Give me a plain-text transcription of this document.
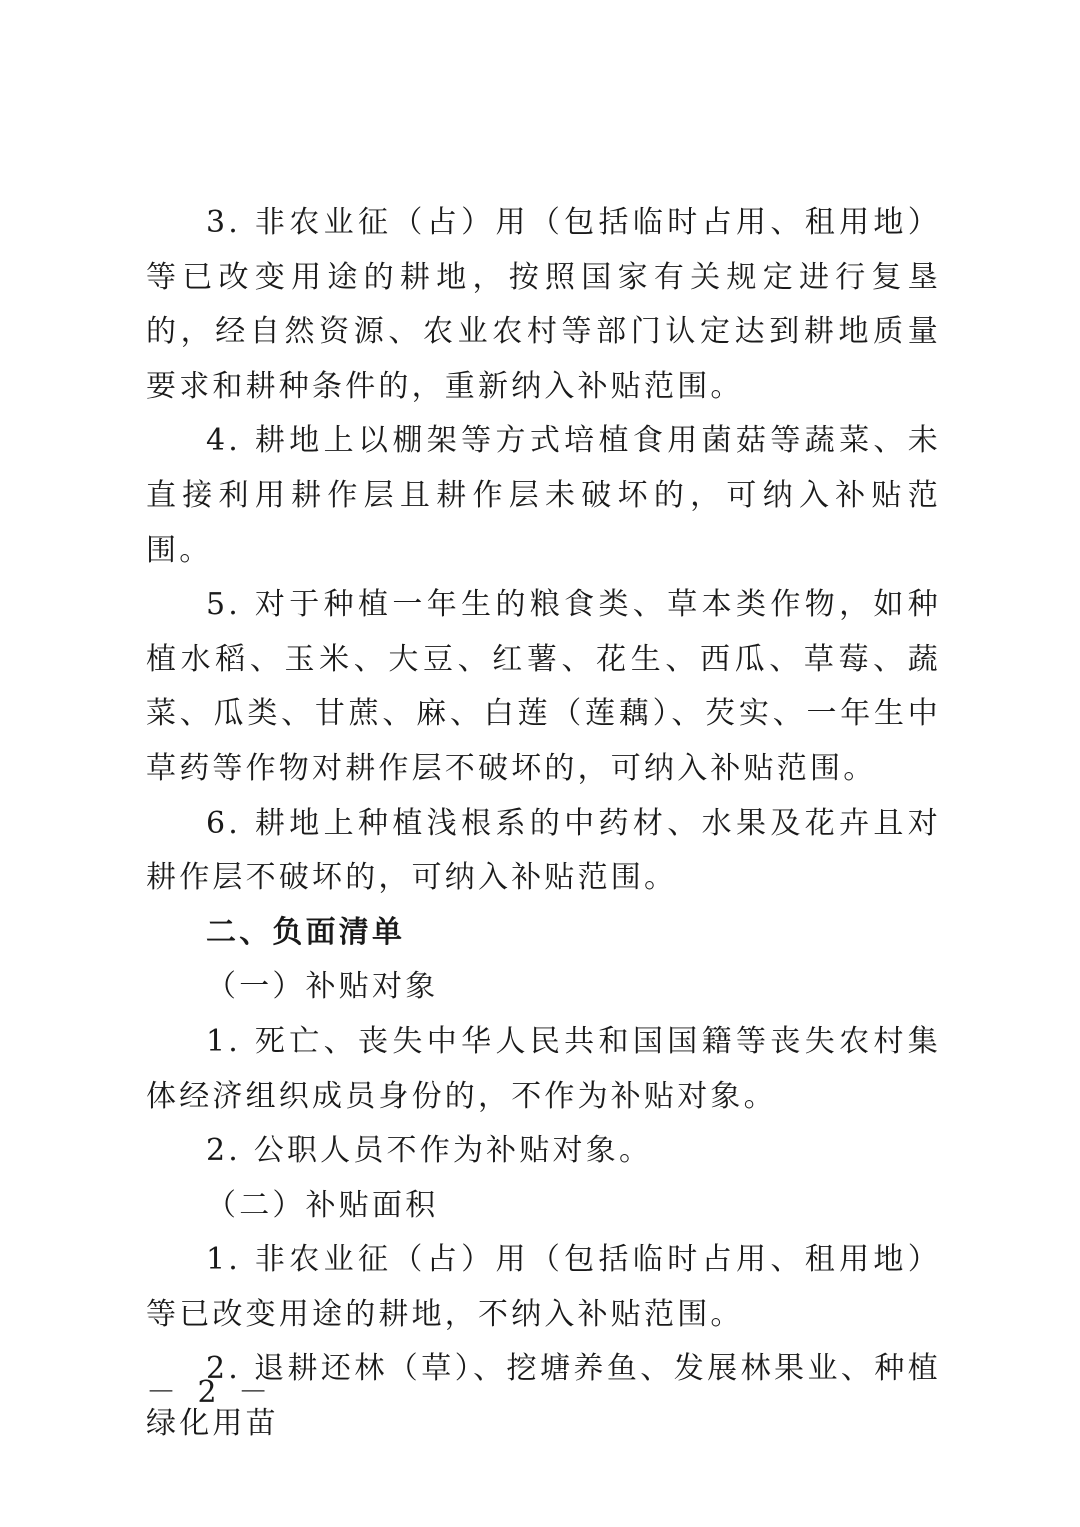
3. 非农业征（占）用（包括临时占用、租用地）等已改变用途的耕地，按照国家有关规定进行复垦的，经自然资源、农业农村等部门认定达到耕地质量要求和耕种条件的，重新纳入补贴范围。

4. 耕地上以棚架等方式培植食用菌菇等蔬菜、未直接利用耕作层且耕作层未破坏的，可纳入补贴范围。

5. 对于种植一年生的粮食类、草本类作物，如种植水稻、玉米、大豆、红薯、花生、西瓜、草莓、蔬菜、瓜类、甘蔗、麻、白莲（莲藕）、芡实、一年生中草药等作物对耕作层不破坏的，可纳入补贴范围。

6. 耕地上种植浅根系的中药材、水果及花卉且对耕作层不破坏的，可纳入补贴范围。

二、负面清单

（一）补贴对象

1. 死亡、丧失中华人民共和国国籍等丧失农村集体经济组织成员身份的，不作为补贴对象。

2. 公职人员不作为补贴对象。

（二）补贴面积

1. 非农业征（占）用（包括临时占用、租用地）等已改变用途的耕地，不纳入补贴范围。

2. 退耕还林（草）、挖塘养鱼、发展林果业、种植绿化用苗

－ 2 －
